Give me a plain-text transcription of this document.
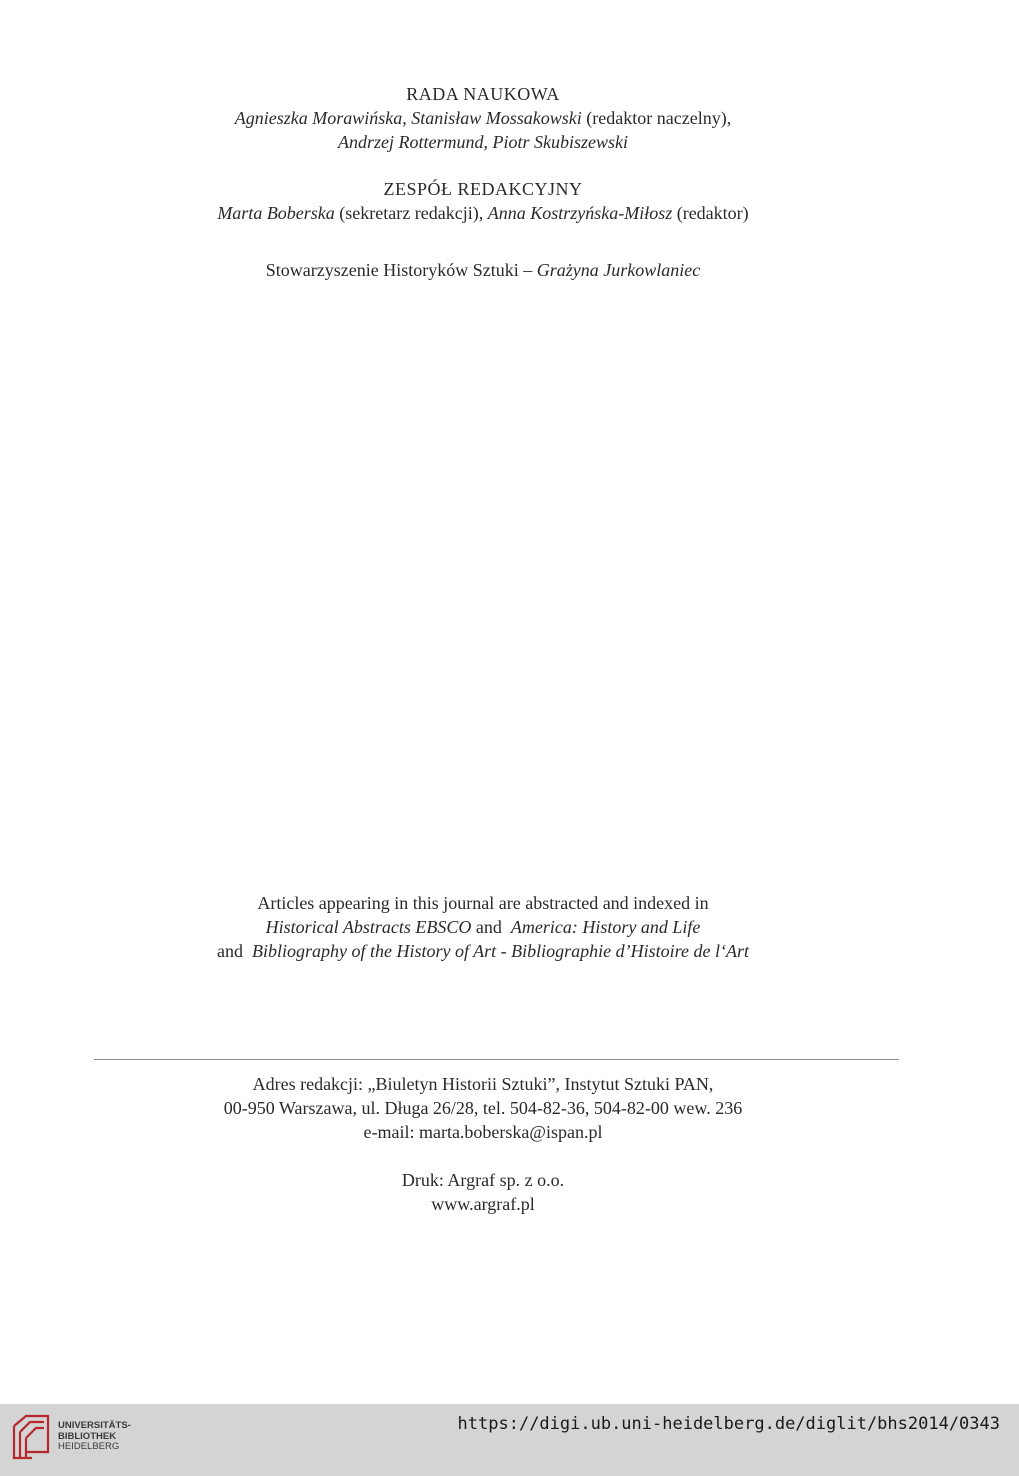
RADA NAUKOWA
Agnieszka Morawińska, Stanisław Mossakowski (redaktor naczelny),
Andrzej Rottermund, Piotr Skubiszewski
ZESPÓŁ REDAKCYJNY
Marta Boberska (sekretarz redakcji), Anna Kostrzyńska-Miłosz (redaktor)
Stowarzyszenie Historyków Sztuki – Grażyna Jurkowlaniec
Articles appearing in this journal are abstracted and indexed in
Historical Abstracts EBSCO and  America: History and Life
and  Bibliography of the History of Art - Bibliographie d’Histoire de l‘Art
Adres redakcji: „Biuletyn Historii Sztuki”, Instytut Sztuki PAN,
00-950 Warszawa, ul. Długa 26/28, tel. 504-82-36, 504-82-00 wew. 236
e-mail: marta.boberska@ispan.pl
Druk: Argraf sp. z o.o.
www.argraf.pl
UNIVERSITÄTS-
BIBLIOTHEK
HEIDELBERG
https://digi.ub.uni-heidelberg.de/diglit/bhs2014/0343
